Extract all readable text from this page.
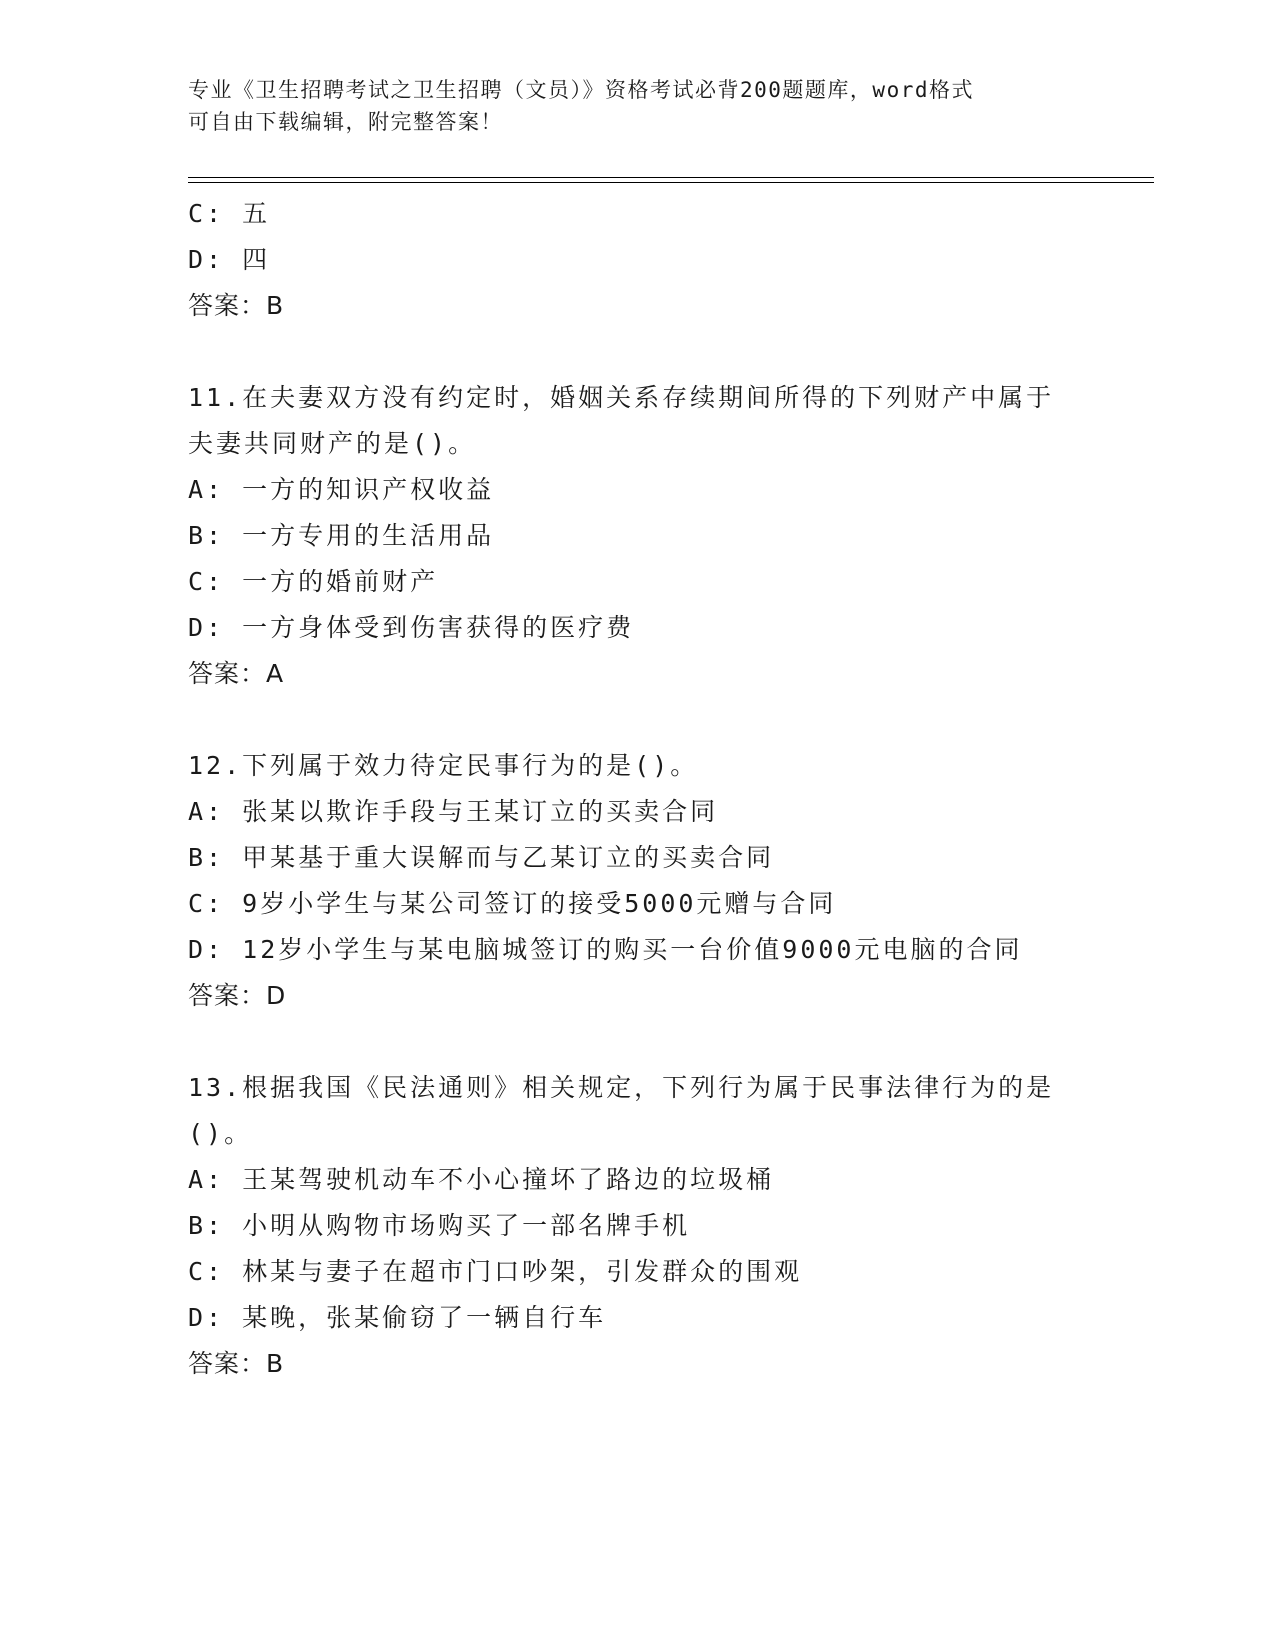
专业《卫生招聘考试之卫生招聘（文员）》资格考试必背200题题库，word格式
可自由下载编辑，附完整答案！
C: 五
D: 四
答案：B
11.在夫妻双方没有约定时，婚姻关系存续期间所得的下列财产中属于
夫妻共同财产的是()。
A: 一方的知识产权收益
B: 一方专用的生活用品
C: 一方的婚前财产
D: 一方身体受到伤害获得的医疗费
答案：A
12.下列属于效力待定民事行为的是()。
A: 张某以欺诈手段与王某订立的买卖合同
B: 甲某基于重大误解而与乙某订立的买卖合同
C: 9岁小学生与某公司签订的接受5000元赠与合同
D: 12岁小学生与某电脑城签订的购买一台价值9000元电脑的合同
答案：D
13.根据我国《民法通则》相关规定，下列行为属于民事法律行为的是
()。
A: 王某驾驶机动车不小心撞坏了路边的垃圾桶
B: 小明从购物市场购买了一部名牌手机
C: 林某与妻子在超市门口吵架，引发群众的围观
D: 某晚，张某偷窃了一辆自行车
答案：B
